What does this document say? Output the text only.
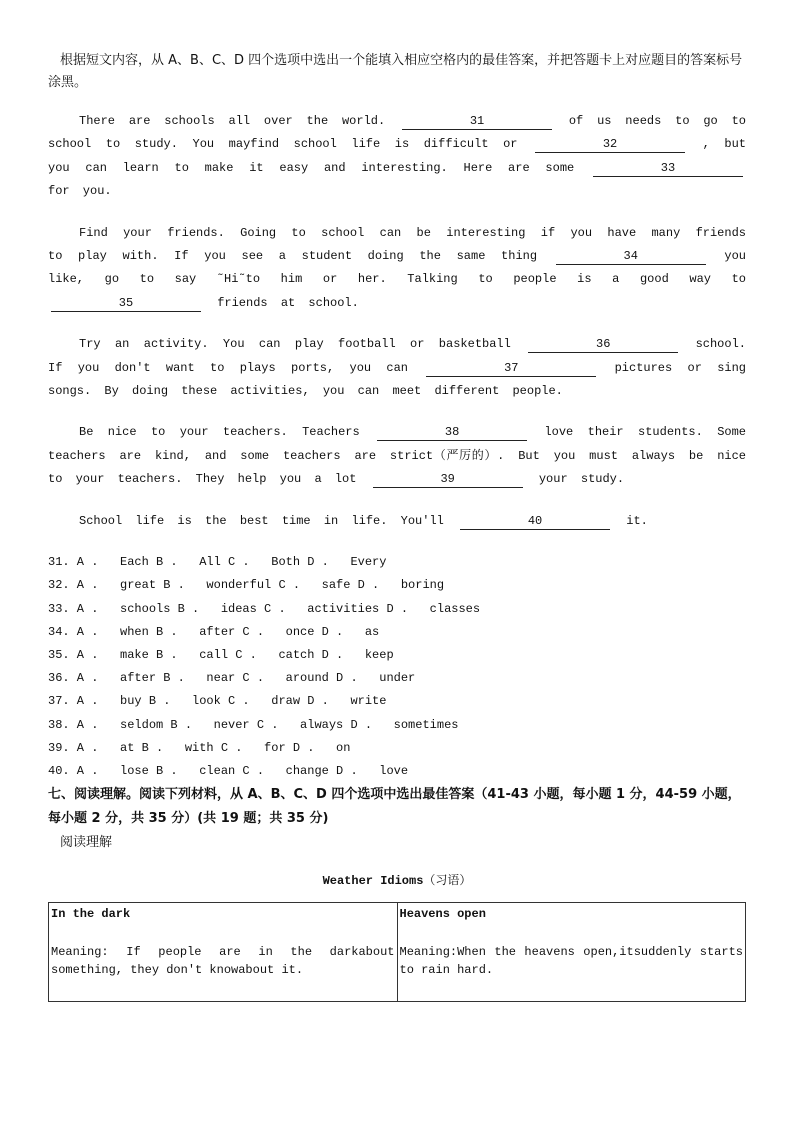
根据短文内容，从 A、B、C、D 四个选项中选出一个能填入相应空格内的最佳答案，并把答题卡上对应题目的答案标号涂黑。

There are schools all over the world.	31	of us needs to go to school to study. You mayfind school life is difficult or	32	, but you can learn to make it easy and interesting. Here are some	33 for you.

Find your friends. Going to school can be interesting if you have many friends to play with. If you see a student doing the same thing	34	you like, go to say ˜Hi˜to him or her. Talking to people is a good way to 35	friends at school.

Try an activity. You can play football or basketball	36	school. If you don't want to plays ports, you can	37	pictures or sing songs. By doing these activities, you can meet different people.

Be nice to your teachers. Teachers	38	love their students. Some teachers are kind, and some teachers are strict（严厉的）. But you must always be nice to your teachers. They help you a lot	39	your study.

School life is the best time in life. You'll	40	it.

31. A .   Each B .   All C .   Both D .   Every
32. A .   great B .   wonderful C .   safe D .   boring
33. A .   schools B .   ideas C .   activities D .   classes
34. A .   when B .   after C .   once D .   as
35. A .   make B .   call C .   catch D .   keep
36. A .   after B .   near C .   around D .   under
37. A .   buy B .   look C .   draw D .   write
38. A .   seldom B .   never C .   always D .   sometimes
39. A .   at B .   with C .   for D .   on
40. A .   lose B .   clean C .   change D .   love

七、阅读理解。阅读下列材料，从 A、B、C、D 四个选项中选出最佳答案（41-43 小题，每小题 1 分，44-59 小题，每小题 2 分，共 35 分）(共 19 题；共 35 分)

阅读理解

Weather Idioms（习语）
In the dark
Meaning: If people are in the darkabout something, they don't knowabout it.

Heavens open
Meaning:When the heavens open,itsuddenly starts to rain hard.
